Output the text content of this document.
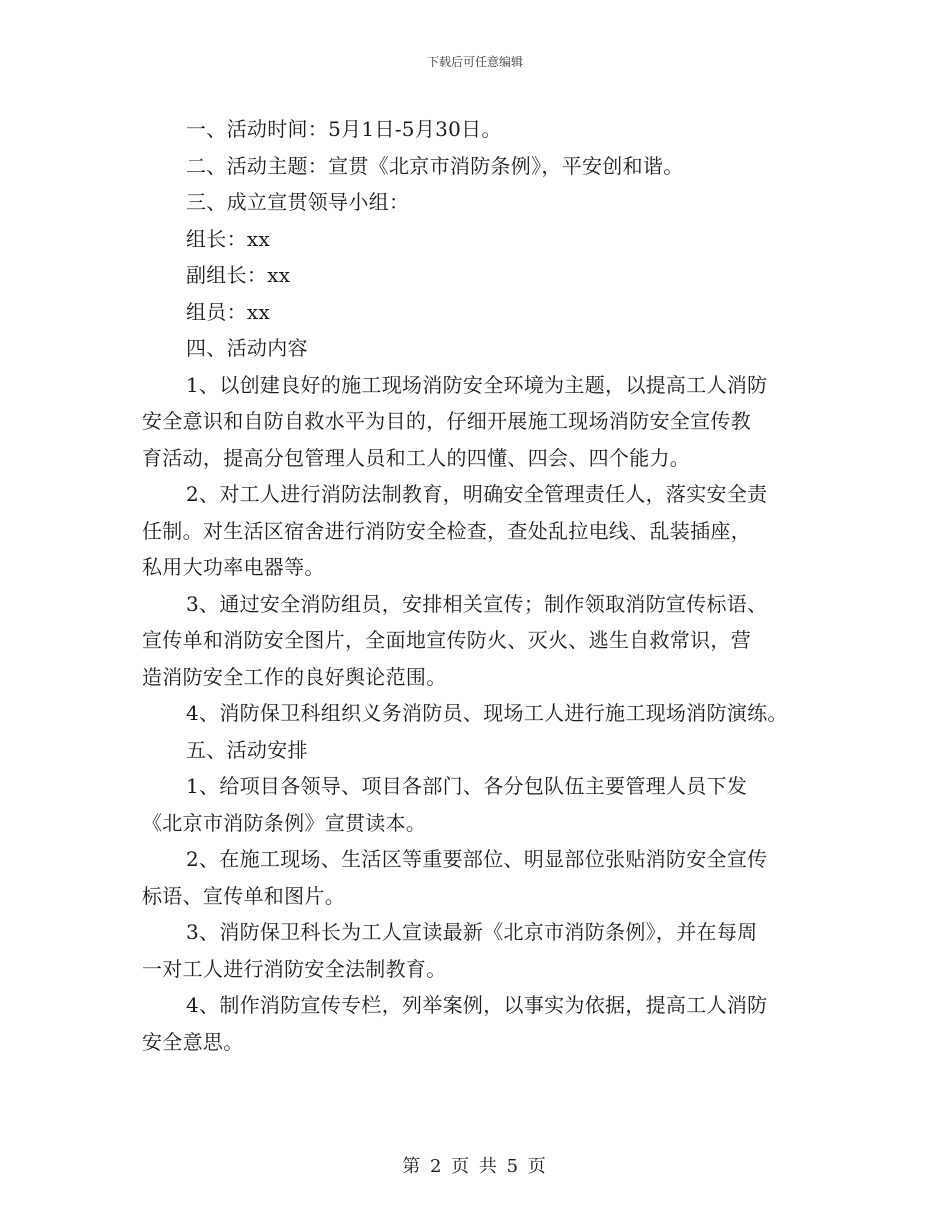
下载后可任意编辑
一、活动时间：5月1日-5月30日。
二、活动主题：宣贯《北京市消防条例》，平安创和谐。
三、成立宣贯领导小组：
组长：xx
副组长：xx
组员：xx
四、活动内容
1、以创建良好的施工现场消防安全环境为主题，以提高工人消防
安全意识和自防自救水平为目的，仔细开展施工现场消防安全宣传教
育活动，提高分包管理人员和工人的四懂、四会、四个能力。
2、对工人进行消防法制教育，明确安全管理责任人，落实安全责
任制。对生活区宿舍进行消防安全检查，查处乱拉电线、乱装插座，
私用大功率电器等。
3、通过安全消防组员，安排相关宣传；制作领取消防宣传标语、
宣传单和消防安全图片，全面地宣传防火、灭火、逃生自救常识，营
造消防安全工作的良好舆论范围。
4、消防保卫科组织义务消防员、现场工人进行施工现场消防演练。
五、活动安排
1、给项目各领导、项目各部门、各分包队伍主要管理人员下发
《北京市消防条例》宣贯读本。
2、在施工现场、生活区等重要部位、明显部位张贴消防安全宣传
标语、宣传单和图片。
3、消防保卫科长为工人宣读最新《北京市消防条例》，并在每周
一对工人进行消防安全法制教育。
4、制作消防宣传专栏，列举案例，以事实为依据，提高工人消防
安全意思。
第 2 页 共 5 页
